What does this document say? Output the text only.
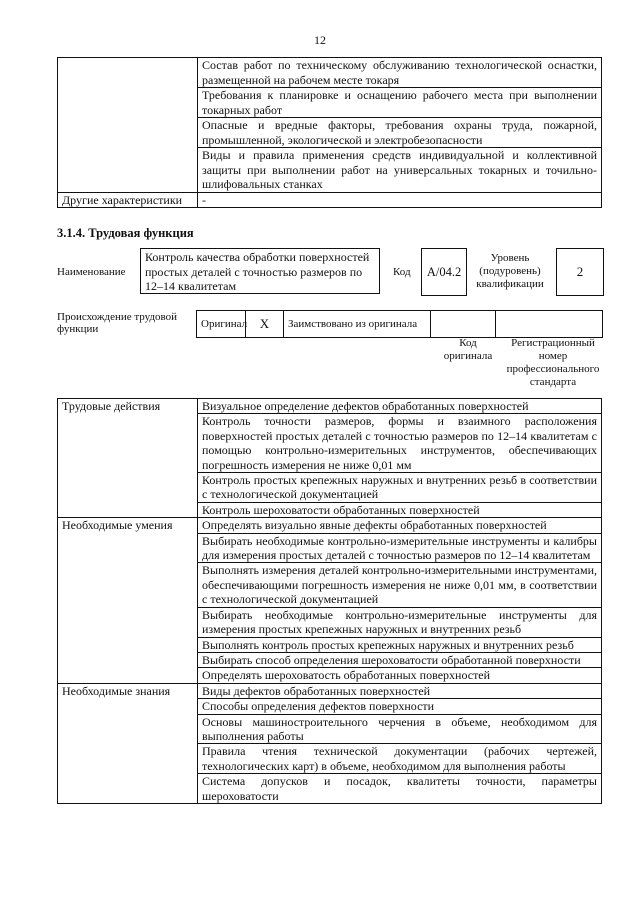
12
	Состав работ по техническому обслуживанию технологической оснастки, размещенной на рабочем месте токаря
	Требования к планировке и оснащению рабочего места при выполнении токарных работ
	Опасные и вредные факторы, требования охраны труда, пожарной, промышленной, экологической и электробезопасности
	Виды и правила применения средств индивидуальной и коллективной защиты при выполнении работ на универсальных токарных и точильно-шлифовальных станках
Другие характеристики	-
3.1.4. Трудовая функция
Наименование
Контроль качества обработки поверхностей простых деталей с точностью размеров по 12–14 квалитетам
Код	А/04.2
Уровень (подуровень) квалификации
2
Происхождение трудовой функции	Оригинал X	Заимствовано из оригинала
Код оригинала
Регистрационный номер профессионального стандарта
Трудовые действия	Визуальное определение дефектов обработанных поверхностей
	Контроль точности размеров, формы и взаимного расположения поверхностей простых деталей с точностью размеров по 12–14 квалитетам с помощью контрольно-измерительных инструментов, обеспечивающих погрешность измерения не ниже 0,01 мм
	Контроль простых крепежных наружных и внутренних резьб в соответствии с технологической документацией
	Контроль шероховатости обработанных поверхностей
Необходимые умения	Определять визуально явные дефекты обработанных поверхностей
	Выбирать необходимые контрольно-измерительные инструменты и калибры для измерения простых деталей с точностью размеров по 12–14 квалитетам
	Выполнять измерения деталей контрольно-измерительными инструментами, обеспечивающими погрешность измерения не ниже 0,01 мм, в соответствии с технологической документацией
	Выбирать необходимые контрольно-измерительные инструменты для измерения простых крепежных наружных и внутренних резьб
	Выполнять контроль простых крепежных наружных и внутренних резьб
	Выбирать способ определения шероховатости обработанной поверхности
	Определять шероховатость обработанных поверхностей
Необходимые знания	Виды дефектов обработанных поверхностей
	Способы определения дефектов поверхности
	Основы машиностроительного черчения в объеме, необходимом для выполнения работы
	Правила чтения технической документации (рабочих чертежей, технологических карт) в объеме, необходимом для выполнения работы
	Система допусков и посадок, квалитеты точности, параметры шероховатости
